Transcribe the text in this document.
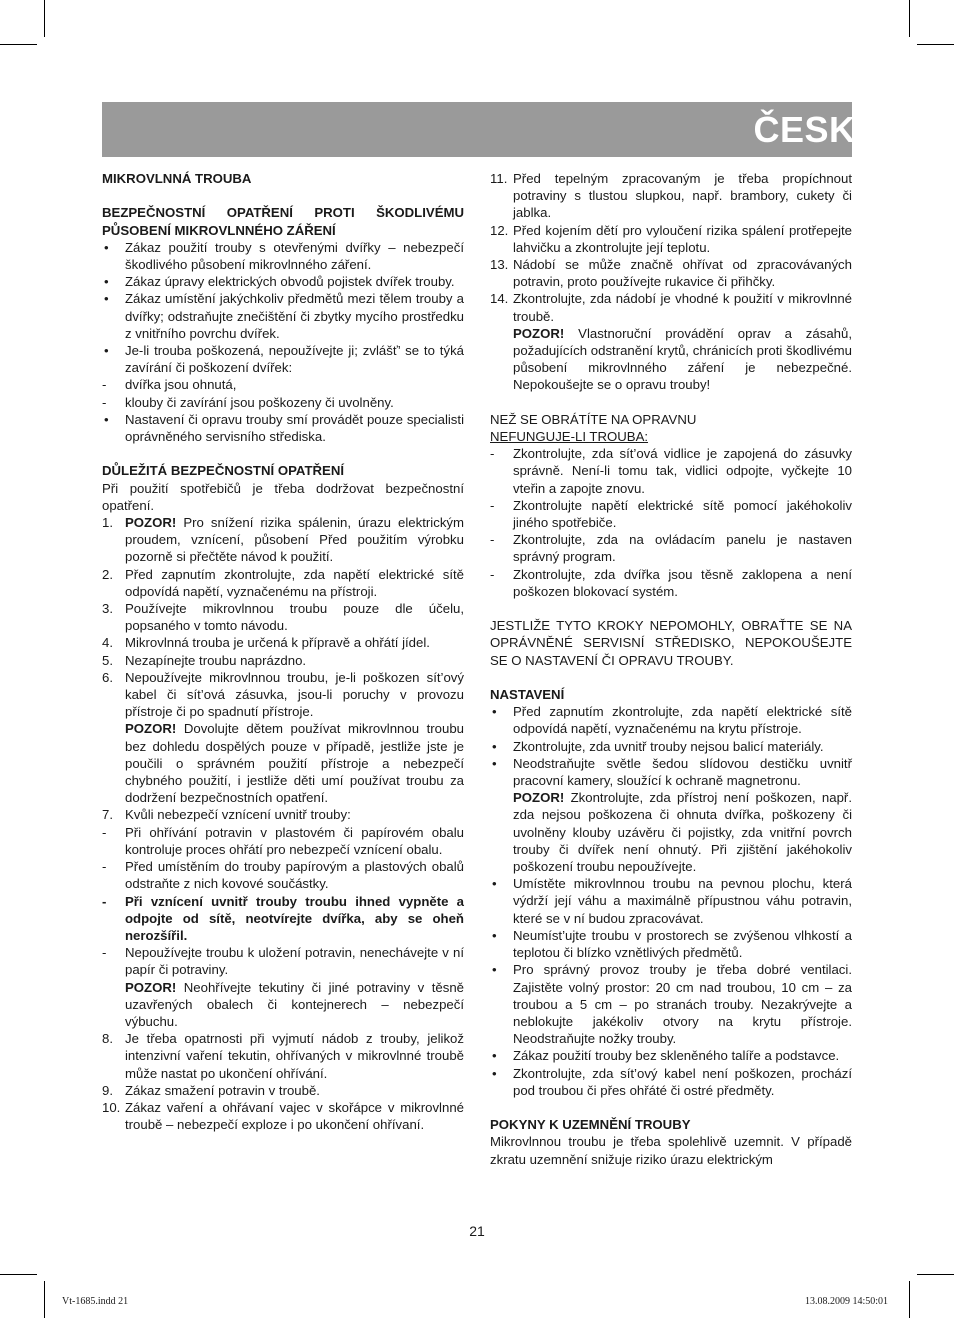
ČESKÝ

MIKROVLNNÁ TROUBA

BEZPEČNOSTNÍ OPATŘENÍ PROTI ŠKODLIVÉMU

PŮSOBENÍ MIKROVLNNÉHO ZÁŘENÍ

•	Zákaz použití trouby s otevřenými dvířky – nebezpečí škodlivého působení mikrovlnného záření.
•	Zákaz úpravy elektrických obvodů pojistek dvířek trouby.
•	Zákaz umístění jakýchkoliv předmětů mezi tělem trouby a dvířky; odstraňujte znečištění či zbytky mycího prostředku z vnitřního povrchu dvířek.
•	Je-li trouba poškozená, nepoužívejte ji; zvlášť’ se to týká zavírání či poškození dvířek:
-	dvířka jsou ohnutá,
-	klouby či zavírání jsou poškozeny či uvolněny.
•	Nastavení či opravu trouby smí provádět pouze specialisti oprávněného servisního střediska.

DŮLEŽITÁ BEZPEČNOSTNÍ OPATŘENÍ

Při použití spotřebičů je třeba dodržovat bezpečnostní opatření.

1. POZOR! Pro snížení rizika spálenin, úrazu elektrickým proudem, vznícení, působení Před použitím výrobku pozorně si přečtěte návod k použití.
2. Před zapnutím zkontrolujte, zda napětí elektrické sítě odpovídá napětí, vyznačenému na přístroji.
3. Používejte mikrovlnnou troubu pouze dle účelu, popsaného v tomto návodu.
4. Mikrovlnná trouba je určená k přípravě a ohřátí jídel.
5. Nezapínejte troubu naprázdno.
6. Nepoužívejte mikrovlnnou troubu, je-li poškozen sít’ový kabel či sít’ová zásuvka, jsou-li poruchy v provozu přístroje či po spadnutí přístroje.

POZOR! Dovolujte dětem používat mikrovlnnou troubu bez dohledu dospělých pouze v případě, jestliže jste je poučili o správném použití přístroje a nebezpečí chybného použití, i jestliže děti umí používat troubu za dodržení bezpečnostních opatření.

7. Kvůli nebezpečí vznícení uvnitř trouby:
-	Při ohřívání potravin v plastovém či papírovém obalu kontroluje proces ohřátí pro nebezpečí vznícení obalu.
-	Před umístěním do trouby papírovým a plastových obalů odstraňte z nich kovové součástky.
-	Při vznícení uvnitř trouby troubu ihned vypněte a odpojte od sítě, neotvírejte dvířka, aby se oheň nerozšířil.
-	Nepoužívejte troubu k uložení potravin, nenechávejte v ní papír či potraviny.

POZOR! Neohřívejte tekutiny či jiné potraviny v těsně uzavřených obalech či kontejnerech – nebezpečí výbuchu.

8. Je třeba opatrnosti při vyjmutí nádob z trouby, jelikož intenzivní vaření tekutin, ohřívaných v mikrovlnné troubě může nastat po ukončení ohřívání.
9. Zákaz smažení potravin v troubě.
10. Zákaz vaření a ohřávaní vajec v skořápce v mikrovlnné troubě – nebezpečí exploze i po ukončení ohřívaní.
11. Před tepelným zpracovaným je třeba propíchnout potraviny s tlustou slupkou, např. brambory, cukety či jablka.
12. Před kojením dětí pro vyloučení rizika spálení protřepejte lahvičku a zkontrolujte její teplotu.
13. Nádobí se může značně ohřívat od zpracovávaných potravin, proto používejte rukavice či přihčky.
14. Zkontrolujte, zda nádobí je vhodné k použití v mikrovlnné troubě.

POZOR! Vlastnoruční provádění oprav a zásahů, požadujících odstranění krytů, chránicích proti škodlivému působení mikrovlnného záření je nebezpečné. Nepokoušejte se o opravu trouby!

NEŽ SE OBRÁTÍTE NA OPRAVNU

NEFUNGUJE-LI TROUBA:

-	Zkontrolujte, zda sít’ová vidlice je zapojená do zásuvky správně. Není-li tomu tak, vidlici odpojte, vyčkejte 10 vteřin a zapojte znovu.
-	Zkontrolujte napětí elektrické sítě pomocí jakéhokoliv jiného spotřebiče.
-	Zkontrolujte, zda na ovládacím panelu je nastaven správný program.
-	Zkontrolujte, zda dvířka jsou těsně zaklopena a není poškozen blokovací systém.

JESTLIŽE TYTO KROKY NEPOMOHLY, OBRAŤTE SE NA OPRÁVNĚNÉ SERVISNÍ STŘEDISKO, NEPOKOUŠEJTE SE O NASTAVENÍ ČI OPRAVU TROUBY.

NASTAVENÍ

•	Před zapnutím zkontrolujte, zda napětí elektrické sítě odpovídá napětí, vyznačenému na krytu přístroje.
•	Zkontrolujte, zda uvnitř trouby nejsou balicí materiály.
•	Neodstraňujte světle šedou slídovou destičku uvnitř pracovní kamery, sloužící k ochraně magnetronu.

POZOR! Zkontrolujte, zda přístroj není poškozen, např. zda nejsou poškozena či ohnuta dvířka, poškozeny či uvolněny klouby uzávěru či pojistky, zda vnitřní povrch trouby či dvířek není ohnutý. Při zjištění jakéhokoliv poškození troubu nepoužívejte.

•	Umístěte mikrovlnnou troubu na pevnou plochu, která výdrží její váhu a maximálně přípustnou váhu potravin, které se v ní budou zpracovávat.
•	Neumíst’ujte troubu v prostorech se zvýšenou vlhkostí a teplotou či blízko vznětlivých předmětů.
•	Pro správný provoz trouby je třeba dobré ventilaci. Zajistěte volný prostor: 20 cm nad troubou, 10 cm – za troubou a 5 cm – po stranách trouby. Nezakrývejte a neblokujte jakékoliv otvory na krytu přístroje. Neodstraňujte nožky trouby.
•	Zákaz použití trouby bez skleněného talíře a podstavce.
•	Zkontrolujte, zda sít’ový kabel není poškozen, prochází pod troubou či přes ohřáté či ostré předměty.

POKYNY K UZEMNĚNÍ TROUBY

Mikrovlnnou troubu je třeba spolehlivě uzemnit. V případě zkratu uzemnění snižuje riziko úrazu elektrickým

21
Vt-1685.indd 21	13.08.2009 14:50:01
